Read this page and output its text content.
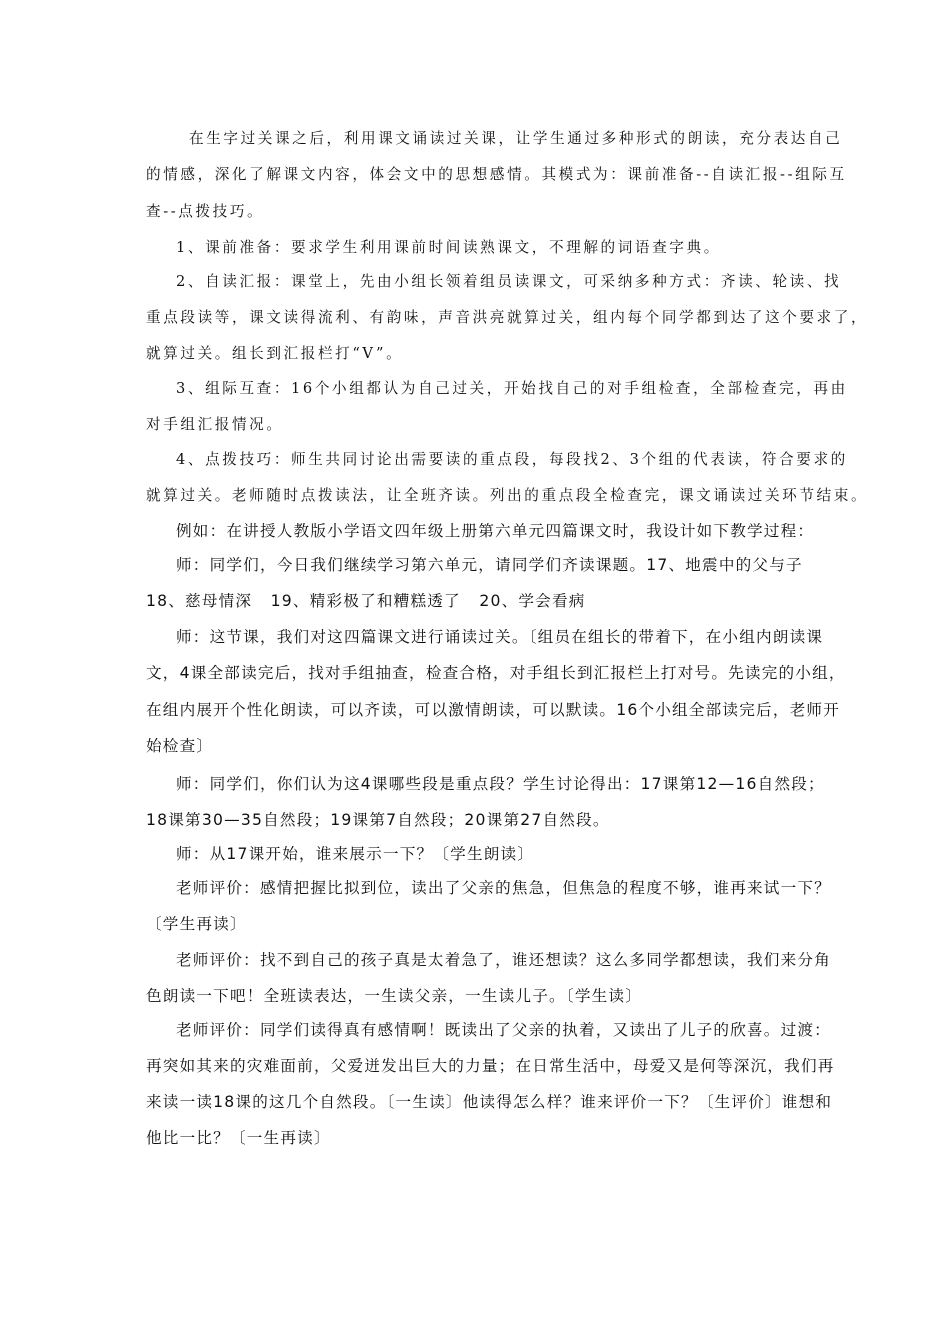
在生字过关课之后，利用课文诵读过关课，让学生通过多种形式的朗读，充分表达自己
的情感，深化了解课文内容，体会文中的思想感情。其模式为：课前准备--自读汇报--组际互
查--点拨技巧。
1、课前准备：要求学生利用课前时间读熟课文，不理解的词语查字典。
2、自读汇报：课堂上，先由小组长领着组员读课文，可采纳多种方式：齐读、轮读、找
重点段读等，课文读得流利、有韵味，声音洪亮就算过关，组内每个同学都到达了这个要求了，
就算过关。组长到汇报栏打“V”。
3、组际互查：16个小组都认为自己过关，开始找自己的对手组检查，全部检查完，再由
对手组汇报情况。
4、点拨技巧：师生共同讨论出需要读的重点段，每段找2、3个组的代表读，符合要求的
就算过关。老师随时点拨读法，让全班齐读。列出的重点段全检查完，课文诵读过关环节结束。
例如：在讲授人教版小学语文四年级上册第六单元四篇课文时，我设计如下教学过程：
师：同学们，今日我们继续学习第六单元，请同学们齐读课题。17、地震中的父与子
18、慈母情深   19、精彩极了和糟糕透了   20、学会看病
师：这节课，我们对这四篇课文进行诵读过关。〔组员在组长的带着下，在小组内朗读课
文，4课全部读完后，找对手组抽查，检查合格，对手组长到汇报栏上打对号。先读完的小组，
在组内展开个性化朗读，可以齐读，可以激情朗读，可以默读。16个小组全部读完后，老师开
始检查〕
师：同学们，你们认为这4课哪些段是重点段？学生讨论得出：17课第12—16自然段；
18课第30—35自然段；19课第7自然段；20课第27自然段。
师：从17课开始，谁来展示一下？〔学生朗读〕
老师评价：感情把握比拟到位，读出了父亲的焦急，但焦急的程度不够，谁再来试一下？
〔学生再读〕
老师评价：找不到自己的孩子真是太着急了，谁还想读？这么多同学都想读，我们来分角
色朗读一下吧！全班读表达，一生读父亲，一生读儿子。〔学生读〕
老师评价：同学们读得真有感情啊！既读出了父亲的执着，又读出了儿子的欣喜。过渡：
再突如其来的灾难面前，父爱迸发出巨大的力量；在日常生活中，母爱又是何等深沉，我们再
来读一读18课的这几个自然段。〔一生读〕他读得怎么样？谁来评价一下？〔生评价〕谁想和
他比一比？〔一生再读〕
